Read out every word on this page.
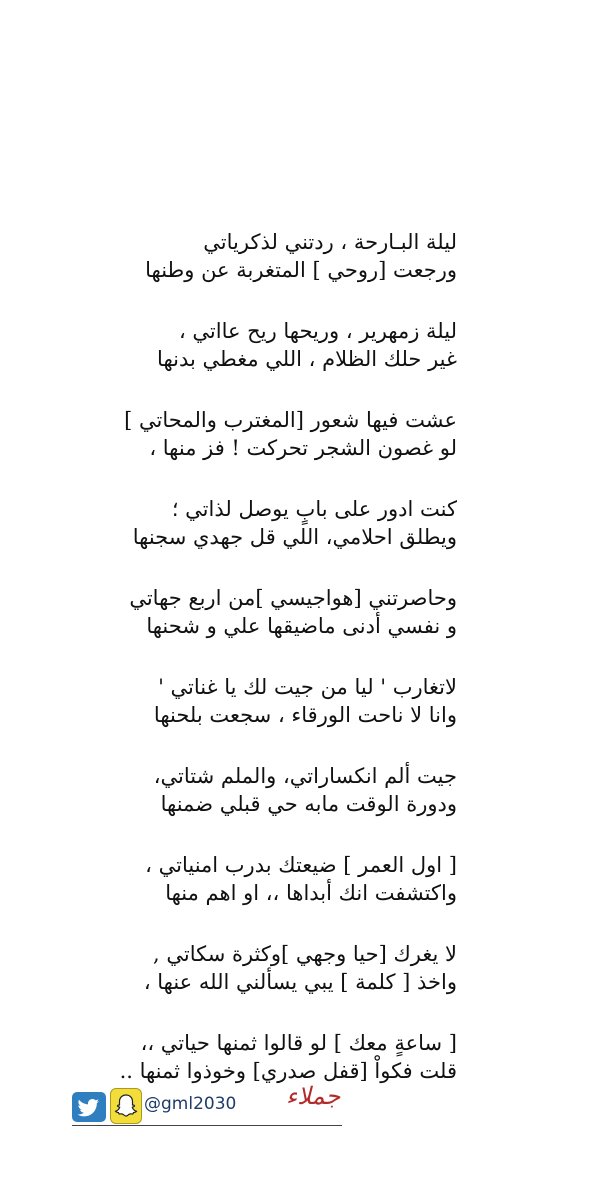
ليلة البـارحة ، ردتني لذكرياتي
ورجعت [روحي ] المتغربة عن وطنها
ليلة زمهرير ، وريحها ريح عااتي ،
غير حلك الظلام ، اللي مغطي بدنها
عشت فيها شعور [المغترب والمحاتي ]
لو غصون الشجر تحركت ! فز منها ،
كنت ادور على بابٍ يوصل لذاتي ؛
ويطلق احلامي، اللي قل جهدي سجنها
وحاصرتني [هواجيسي ]من اربع جهاتي
و نفسي أدنى ماضيقها علي و شحنها
لاتغارب ' ليا من جيت لك يا غناتي '
وانا لا ناحت الورقاء ، سجعت بلحنها
جيت ألم انكساراتي، والملم شتاتي،
ودورة الوقت مابه حي قبلي ضمنها
[ اول العمر ] ضيعتك بدرب امنياتي ،
واكتشفت انك أبداها ،، او اهم منها
لا يغرك [حيا وجهي ]وكثرة سكاتي ,
واخذ [ كلمة ] يبي يسألني الله عنها ،
[ ساعةٍ معك ] لو قالوا ثمنها حياتي ،،
قلت فكواْ [قفل صدري] وخوذوا ثمنها ..
@gml2030 جملاء
